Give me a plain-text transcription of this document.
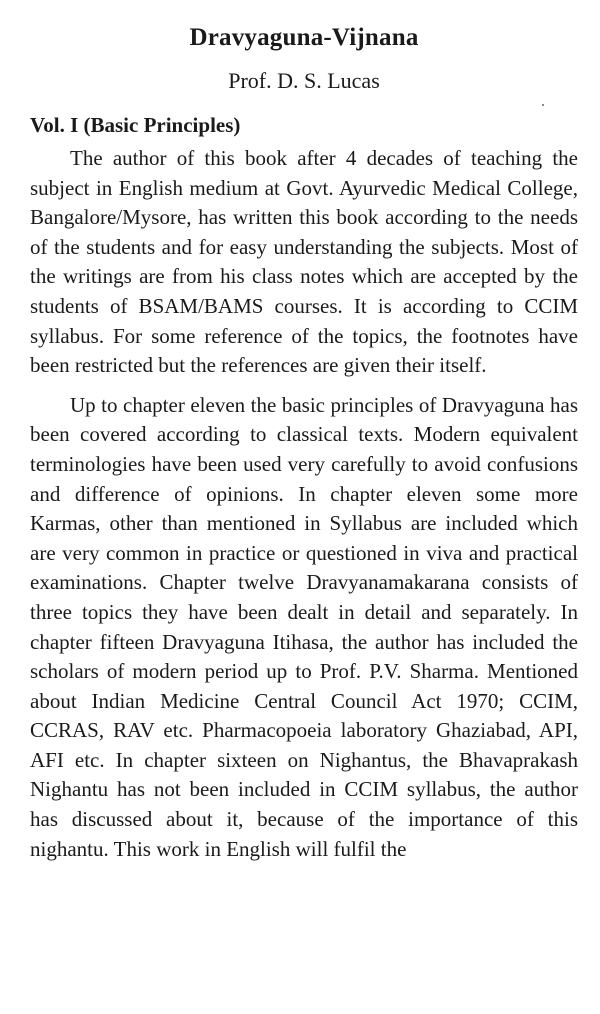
Dravyaguna-Vijnana
Prof. D. S. Lucas
Vol. I (Basic Principles)

The author of this book after 4 decades of teaching the subject in English medium at Govt. Ayurvedic Medical College, Bangalore/Mysore, has written this book according to the needs of the students and for easy understanding the subjects. Most of the writings are from his class notes which are accepted by the students of BSAM/BAMS courses. It is according to CCIM syllabus. For some reference of the topics, the footnotes have been restricted but the references are given their itself.

Up to chapter eleven the basic principles of Dravyaguna has been covered according to classical texts. Modern equivalent terminologies have been used very carefully to avoid confusions and difference of opinions. In chapter eleven some more Karmas, other than mentioned in Syllabus are included which are very common in practice or questioned in viva and practical examinations. Chapter twelve Dravyanamakarana consists of three topics they have been dealt in detail and separately. In chapter fifteen Dravyaguna Itihasa, the author has included the scholars of modern period up to Prof. P.V. Sharma. Mentioned about Indian Medicine Central Council Act 1970; CCIM, CCRAS, RAV etc. Pharmacopoeia laboratory Ghaziabad, API, AFI etc. In chapter sixteen on Nighantus, the Bhavaprakash Nighantu has not been included in CCIM syllabus, the author has discussed about it, because of the importance of this nighantu. This work in English will fulfil the
